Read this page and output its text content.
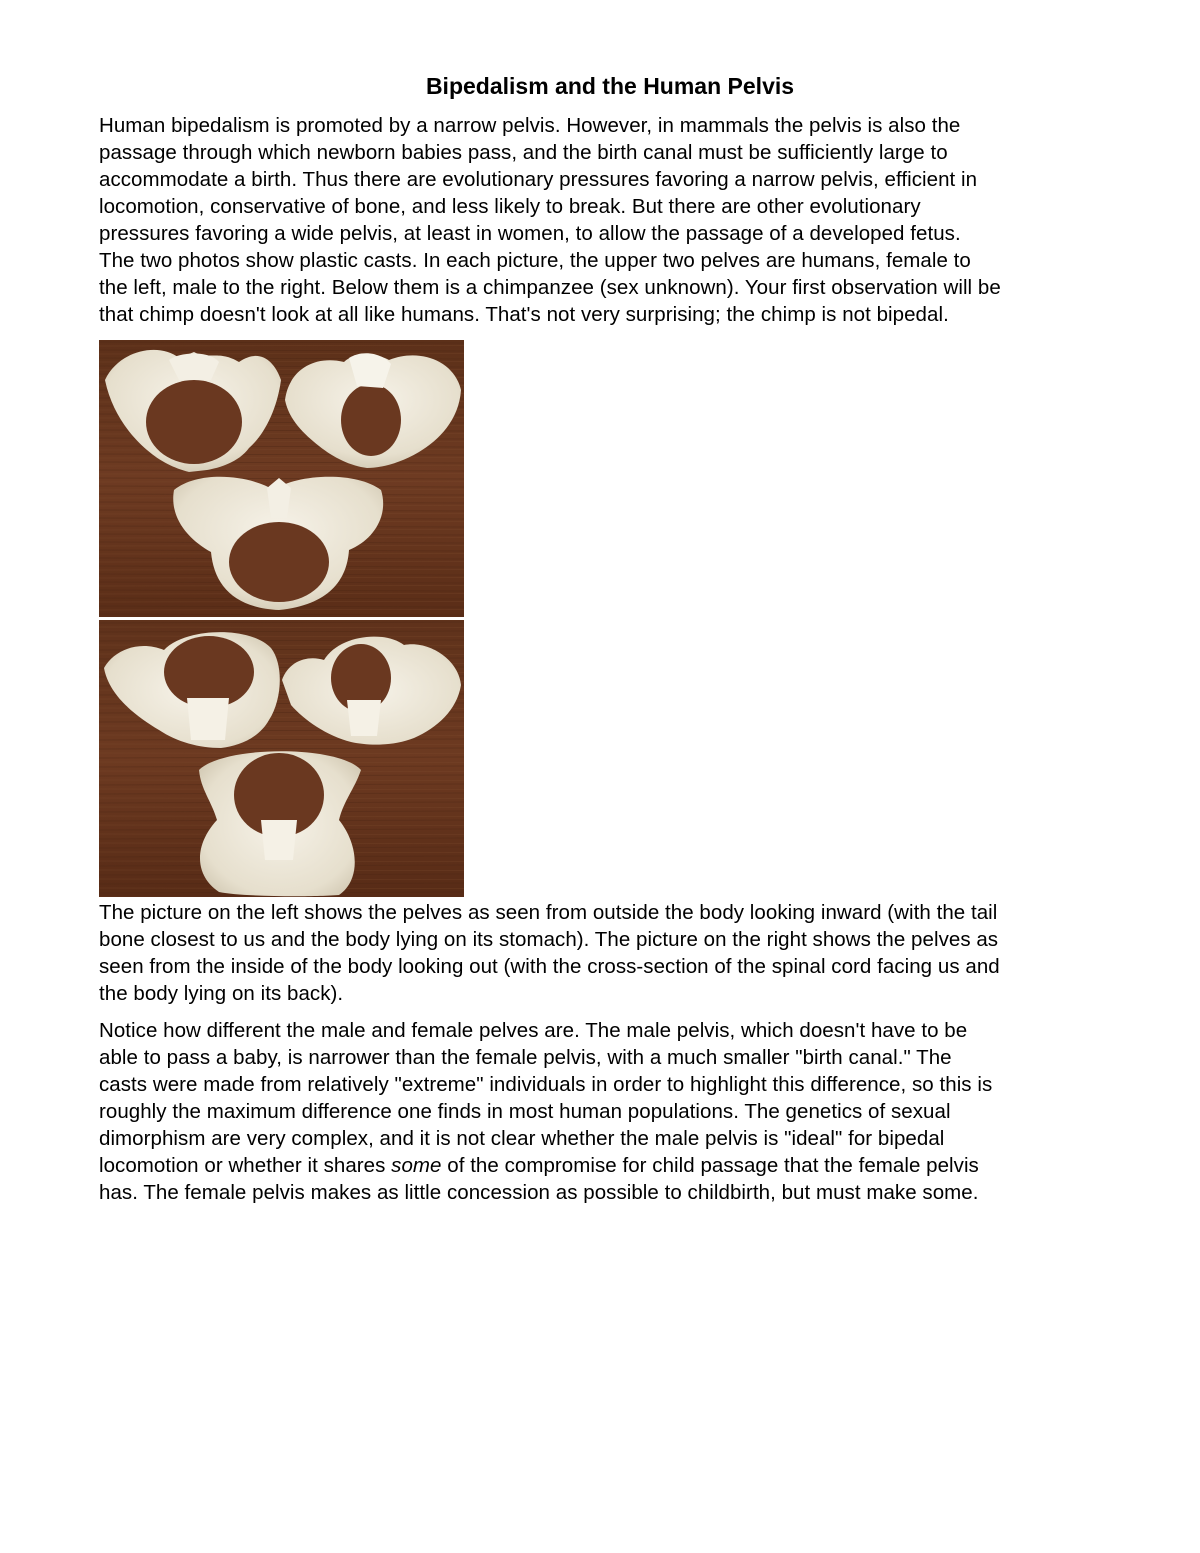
Bipedalism and the Human Pelvis

Human bipedalism is promoted by a narrow pelvis. However, in mammals the pelvis is also the
passage through which newborn babies pass, and the birth canal must be sufficiently large to
accommodate a birth. Thus there are evolutionary pressures favoring a narrow pelvis, efficient in
locomotion, conservative of bone, and less likely to break. But there are other evolutionary
pressures favoring a wide pelvis, at least in women, to allow the passage of a developed fetus.
The two photos show plastic casts. In each picture, the upper two pelves are humans, female to
the left, male to the right. Below them is a chimpanzee (sex unknown). Your first observation will be
that chimp doesn't look at all like humans. That's not very surprising; the chimp is not bipedal.

The picture on the left shows the pelves as seen from outside the body looking inward (with the tail
bone closest to us and the body lying on its stomach). The picture on the right shows the pelves as
seen from the inside of the body looking out (with the cross-section of the spinal cord facing us and
the body lying on its back).

Notice how different the male and female pelves are. The male pelvis, which doesn't have to be
able to pass a baby, is narrower than the female pelvis, with a much smaller "birth canal." The
casts were made from relatively "extreme" individuals in order to highlight this difference, so this is
roughly the maximum difference one finds in most human populations. The genetics of sexual
dimorphism are very complex, and it is not clear whether the male pelvis is "ideal" for bipedal
locomotion or whether it shares some of the compromise for child passage that the female pelvis
has. The female pelvis makes as little concession as possible to childbirth, but must make some.
